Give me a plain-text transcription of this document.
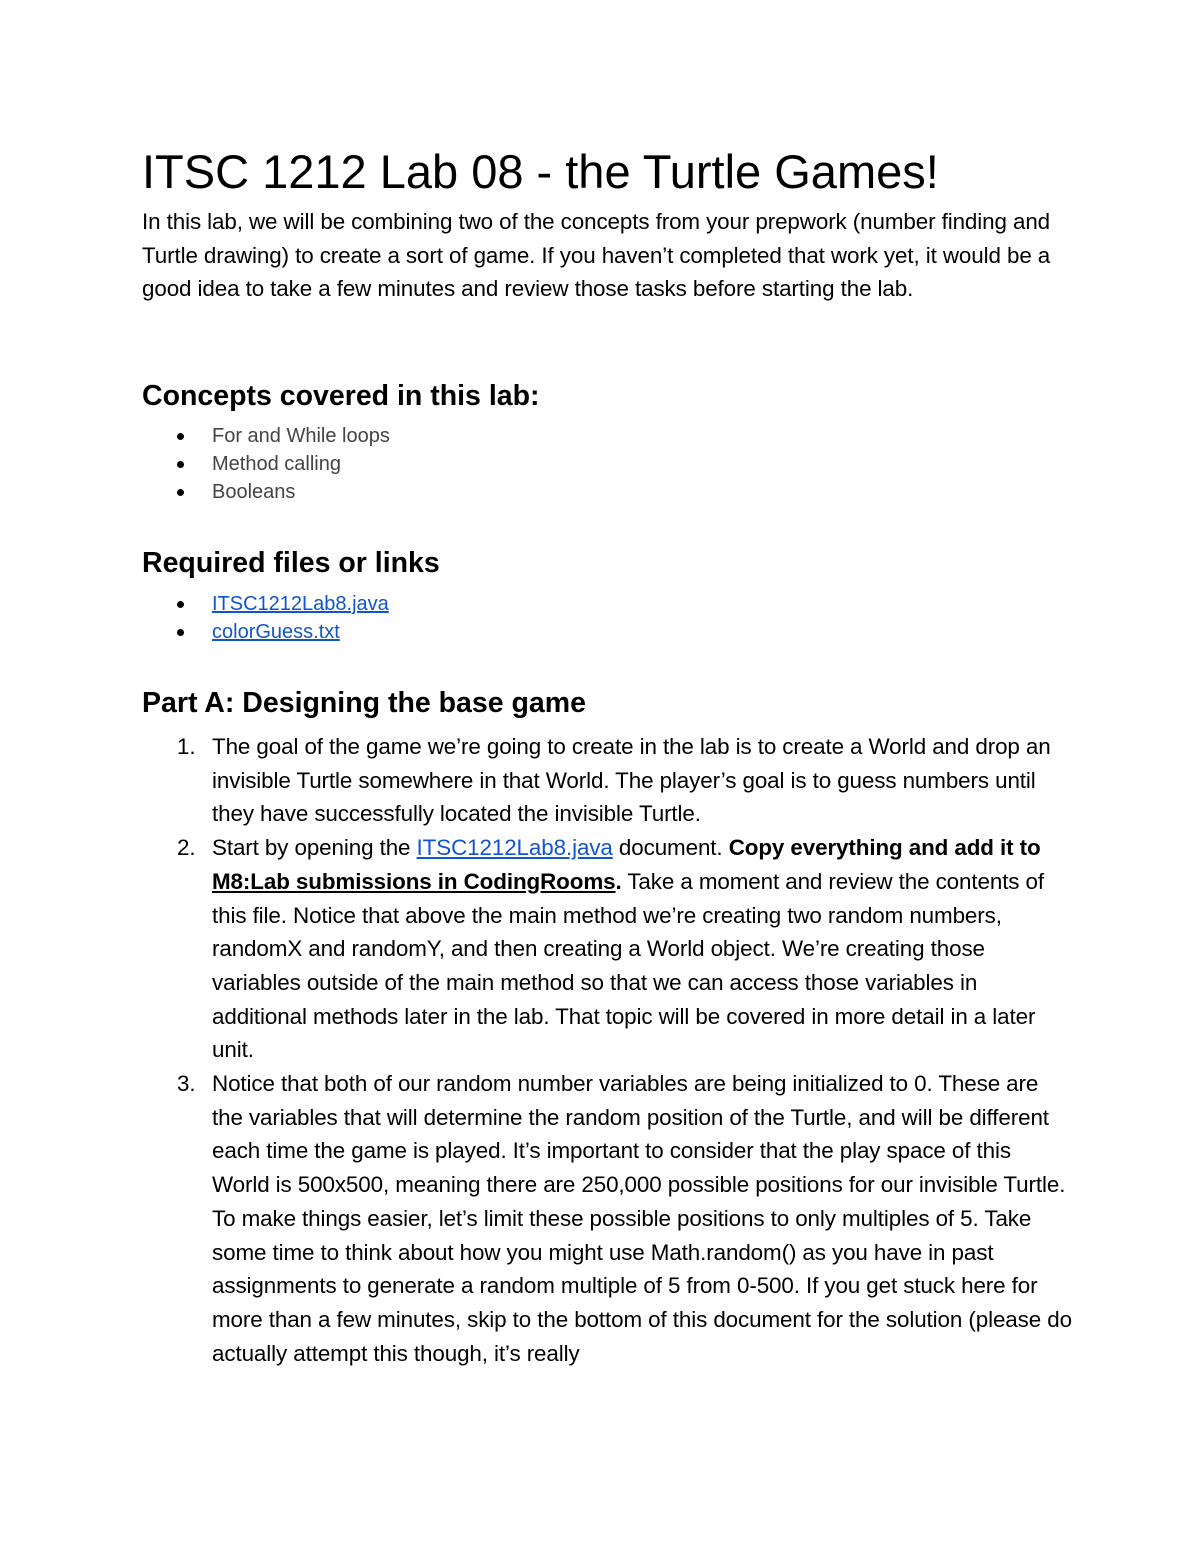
ITSC 1212 Lab 08 - the Turtle Games!

In this lab, we will be combining two of the concepts from your prepwork (number finding and Turtle drawing) to create a sort of game. If you haven’t completed that work yet, it would be a good idea to take a few minutes and review those tasks before starting the lab.

Concepts covered in this lab:
For and While loops
Method calling
Booleans
Required files or links
ITSC1212Lab8.java
colorGuess.txt
Part A: Designing the base game
1. The goal of the game we’re going to create in the lab is to create a World and drop an invisible Turtle somewhere in that World. The player’s goal is to guess numbers until they have successfully located the invisible Turtle.
2. Start by opening the ITSC1212Lab8.java document. Copy everything and add it to M8:Lab submissions in CodingRooms. Take a moment and review the contents of this file. Notice that above the main method we’re creating two random numbers, randomX and randomY, and then creating a World object. We’re creating those variables outside of the main method so that we can access those variables in additional methods later in the lab. That topic will be covered in more detail in a later unit.
3. Notice that both of our random number variables are being initialized to 0. These are the variables that will determine the random position of the Turtle, and will be different each time the game is played. It’s important to consider that the play space of this World is 500x500, meaning there are 250,000 possible positions for our invisible Turtle. To make things easier, let’s limit these possible positions to only multiples of 5. Take some time to think about how you might use Math.random() as you have in past assignments to generate a random multiple of 5 from 0-500. If you get stuck here for more than a few minutes, skip to the bottom of this document for the solution (please do actually attempt this though, it’s really
